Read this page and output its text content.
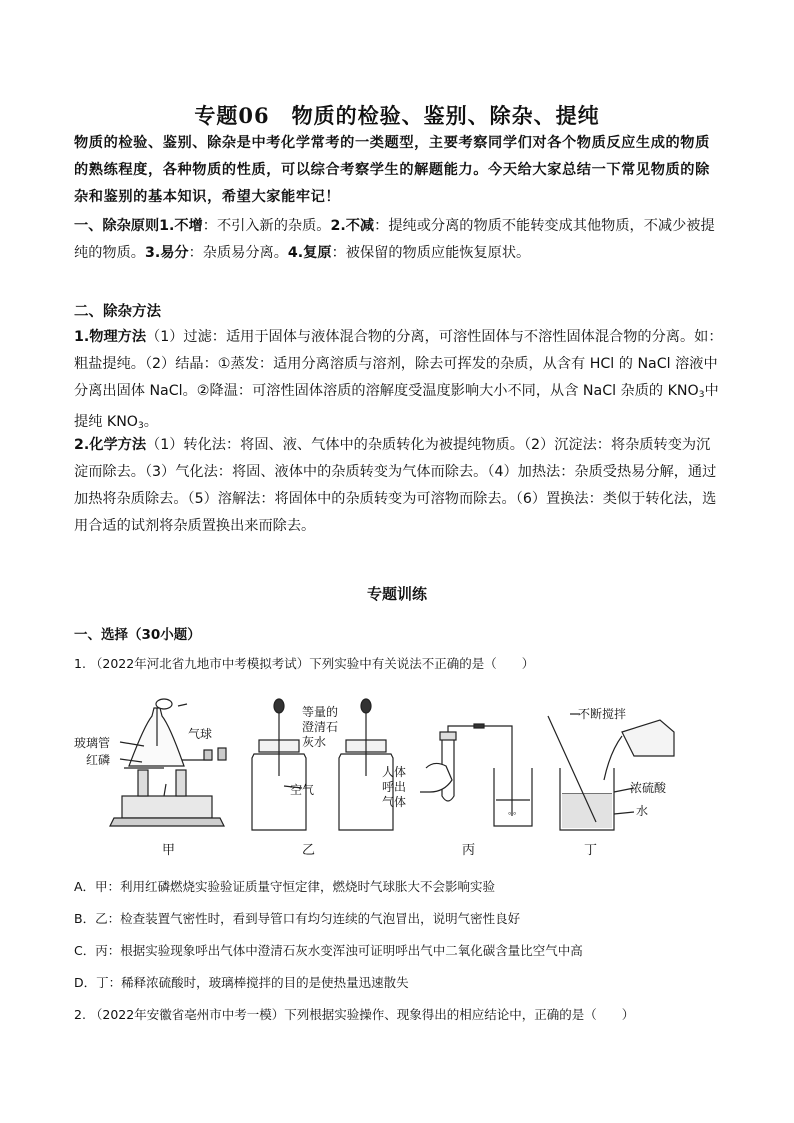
专题06　物质的检验、鉴别、除杂、提纯
物质的检验、鉴别、除杂是中考化学常考的一类题型，主要考察同学们对各个物质反应生成的物质的熟练程度，各种物质的性质，可以综合考察学生的解题能力。今天给大家总结一下常见物质的除杂和鉴别的基本知识，希望大家能牢记！
一、除杂原则1.不增：不引入新的杂质。2.不减：提纯或分离的物质不能转变成其他物质，不减少被提纯的物质。3.易分：杂质易分离。4.复原：被保留的物质应能恢复原状。
二、除杂方法
1.物理方法（1）过滤：适用于固体与液体混合物的分离，可溶性固体与不溶性固体混合物的分离。如：粗盐提纯。（2）结晶：①蒸发：适用分离溶质与溶剂，除去可挥发的杂质，从含有 HCl 的 NaCl 溶液中分离出固体 NaCl。②降温：可溶性固体溶质的溶解度受温度影响大小不同，从含 NaCl 杂质的 $KNO_3$中提纯 $KNO_3$。
2.化学方法（1）转化法：将固、液、气体中的杂质转化为被提纯物质。（2）沉淀法：将杂质转变为沉淀而除去。（3）气化法：将固、液体中的杂质转变为气体而除去。（4）加热法：杂质受热易分解，通过加热将杂质除去。（5）溶解法：将固体中的杂质转变为可溶物而除去。（6）置换法：类似于转化法，选用合适的试剂将杂质置换出来而除去。
专题训练
一、选择（30小题）
1. （2022年河北省九地市中考模拟考试）下列实验中有关说法不正确的是（　　）
气球
玻璃管
红磷
等量的
澄清石
灰水
空气
人体
呼出
气体
∘∘
不断搅拌
浓硫酸
水
甲	乙	丙	丁
A．甲：利用红磷燃烧实验验证质量守恒定律，燃烧时气球胀大不会影响实验
B．乙：检查装置气密性时，看到导管口有均匀连续的气泡冒出，说明气密性良好
C．丙：根据实验现象呼出气体中澄清石灰水变浑浊可证明呼出气中二氧化碳含量比空气中高
D．丁：稀释浓硫酸时，玻璃棒搅拌的目的是使热量迅速散失
2. （2022年安徽省亳州市中考一模）下列根据实验操作、现象得出的相应结论中，正确的是（　　）
